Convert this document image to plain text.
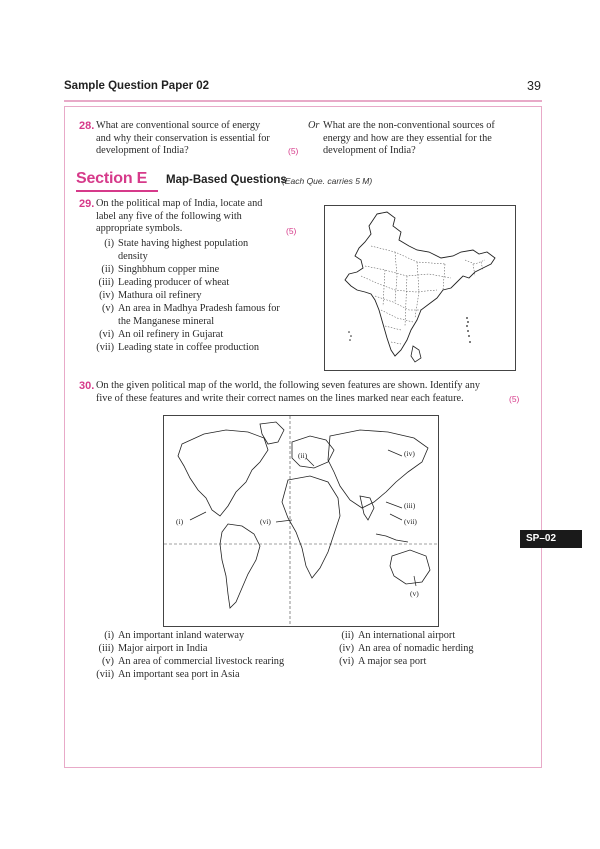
Sample Question Paper 02	39
28. What are conventional source of energy
and why their conservation is essential for
development of India?	(5)
Or What are the non-conventional sources of
energy and how are they essential for the
development of India?
Section E Map-Based Questions
(Each Que. carries 5 M)
29. On the political map of India, locate and
label any five of the following with
appropriate symbols.	(5)
(i) State having highest population
density
(ii) Singhbhum copper mine
(iii) Leading producer of wheat
(iv) Mathura oil refinery
(v) An area in Madhya Pradesh famous for
the Manganese mineral
(vi) An oil refinery in Gujarat
(vii) Leading state in coffee production
30. On the given political map of the world, the following seven features are shown. Identify any
five of these features and write their correct names on the lines marked near each feature.	(5)
(i)
(ii)
(iii)
(iv)
(v)
(vi)	(vii)
(i) An important inland waterway	(ii) An international airport
(iii) Major airport in India	(iv) An area of nomadic herding
(v) An area of commercial livestock rearing	(vi) A major sea port
(vii) An important sea port in Asia
SP–02
